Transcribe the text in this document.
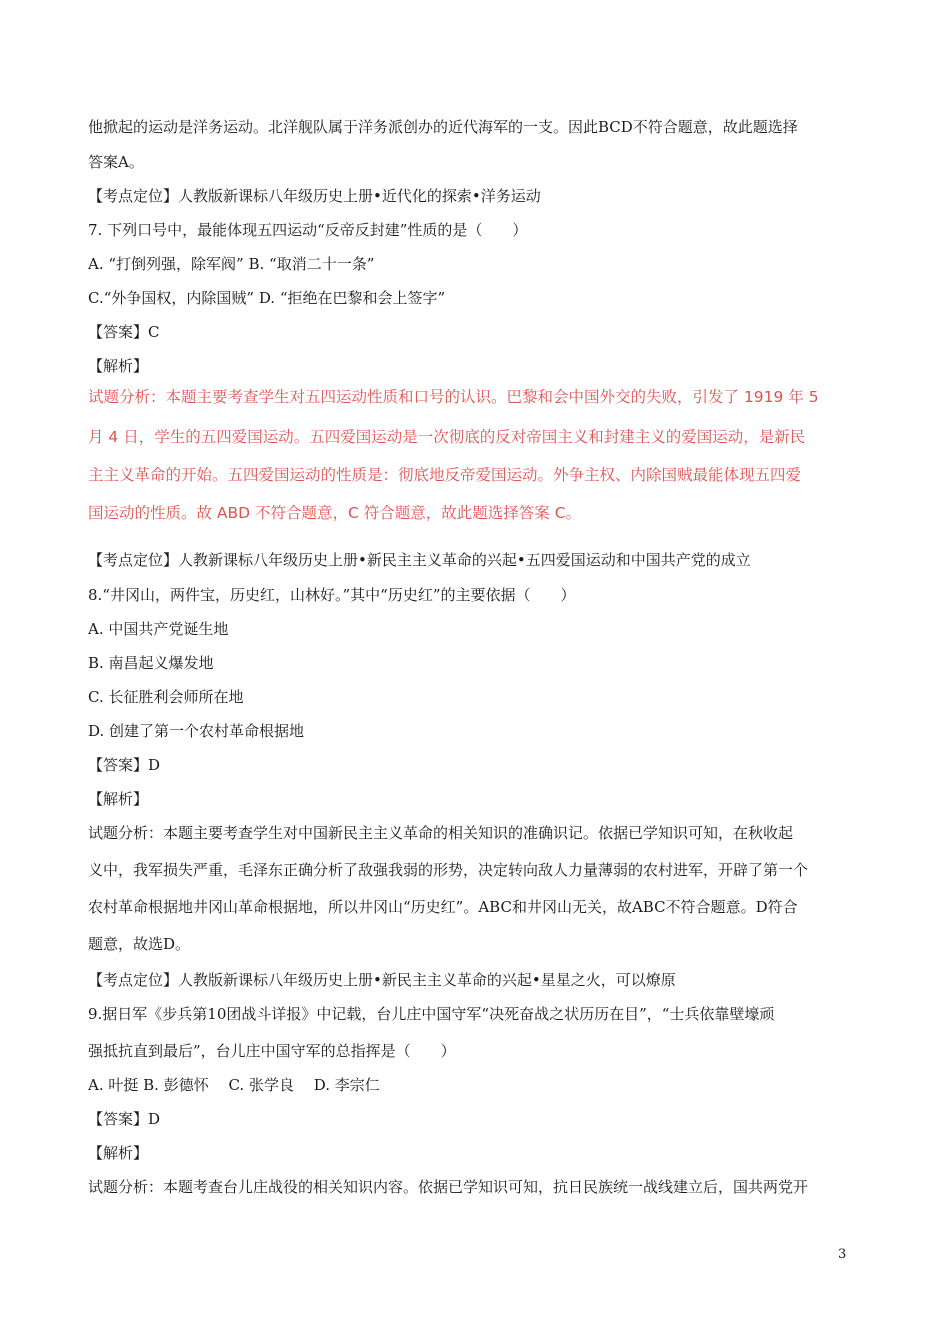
他掀起的运动是洋务运动。北洋舰队属于洋务派创办的近代海军的一支。因此BCD不符合题意，故此题选择
答案A。
【考点定位】人教版新课标八年级历史上册•近代化的探索•洋务运动
7. 下列口号中，最能体现五四运动“反帝反封建”性质的是（　　）
A. “打倒列强，除军阀” B. “取消二十一条”
C.“外争国权，内除国贼” D. “拒绝在巴黎和会上签字”
【答案】C
【解析】
试题分析：本题主要考查学生对五四运动性质和口号的认识。巴黎和会中国外交的失败，引发了 1919 年 5
月 4 日，学生的五四爱国运动。五四爱国运动是一次彻底的反对帝国主义和封建主义的爱国运动，是新民
主主义革命的开始。五四爱国运动的性质是：彻底地反帝爱国运动。外争主权、内除国贼最能体现五四爱
国运动的性质。故 ABD 不符合题意，C 符合题意，故此题选择答案 C。
【考点定位】人教新课标八年级历史上册•新民主主义革命的兴起•五四爱国运动和中国共产党的成立
8.“井冈山，两件宝，历史红，山林好。”其中“历史红”的主要依据（　　）
A. 中国共产党诞生地
B. 南昌起义爆发地
C. 长征胜利会师所在地
D. 创建了第一个农村革命根据地
【答案】D
【解析】
试题分析：本题主要考查学生对中国新民主主义革命的相关知识的准确识记。依据已学知识可知，在秋收起
义中，我军损失严重，毛泽东正确分析了敌强我弱的形势，决定转向敌人力量薄弱的农村进军，开辟了第一个
农村革命根据地井冈山革命根据地，所以井冈山“历史红”。ABC和井冈山无关，故ABC不符合题意。D符合
题意，故选D。
【考点定位】人教版新课标八年级历史上册•新民主主义革命的兴起•星星之火，可以燎原
9.据日军《步兵第10团战斗详报》中记载，台儿庄中国守军“决死奋战之状历历在目”，“士兵依靠壁壕顽
强抵抗直到最后”，台儿庄中国守军的总指挥是（　　）
A. 叶挺 B. 彭德怀　 C. 张学良　 D. 李宗仁
【答案】D
【解析】
试题分析：本题考查台儿庄战役的相关知识内容。依据已学知识可知，抗日民族统一战线建立后，国共两党开
3
